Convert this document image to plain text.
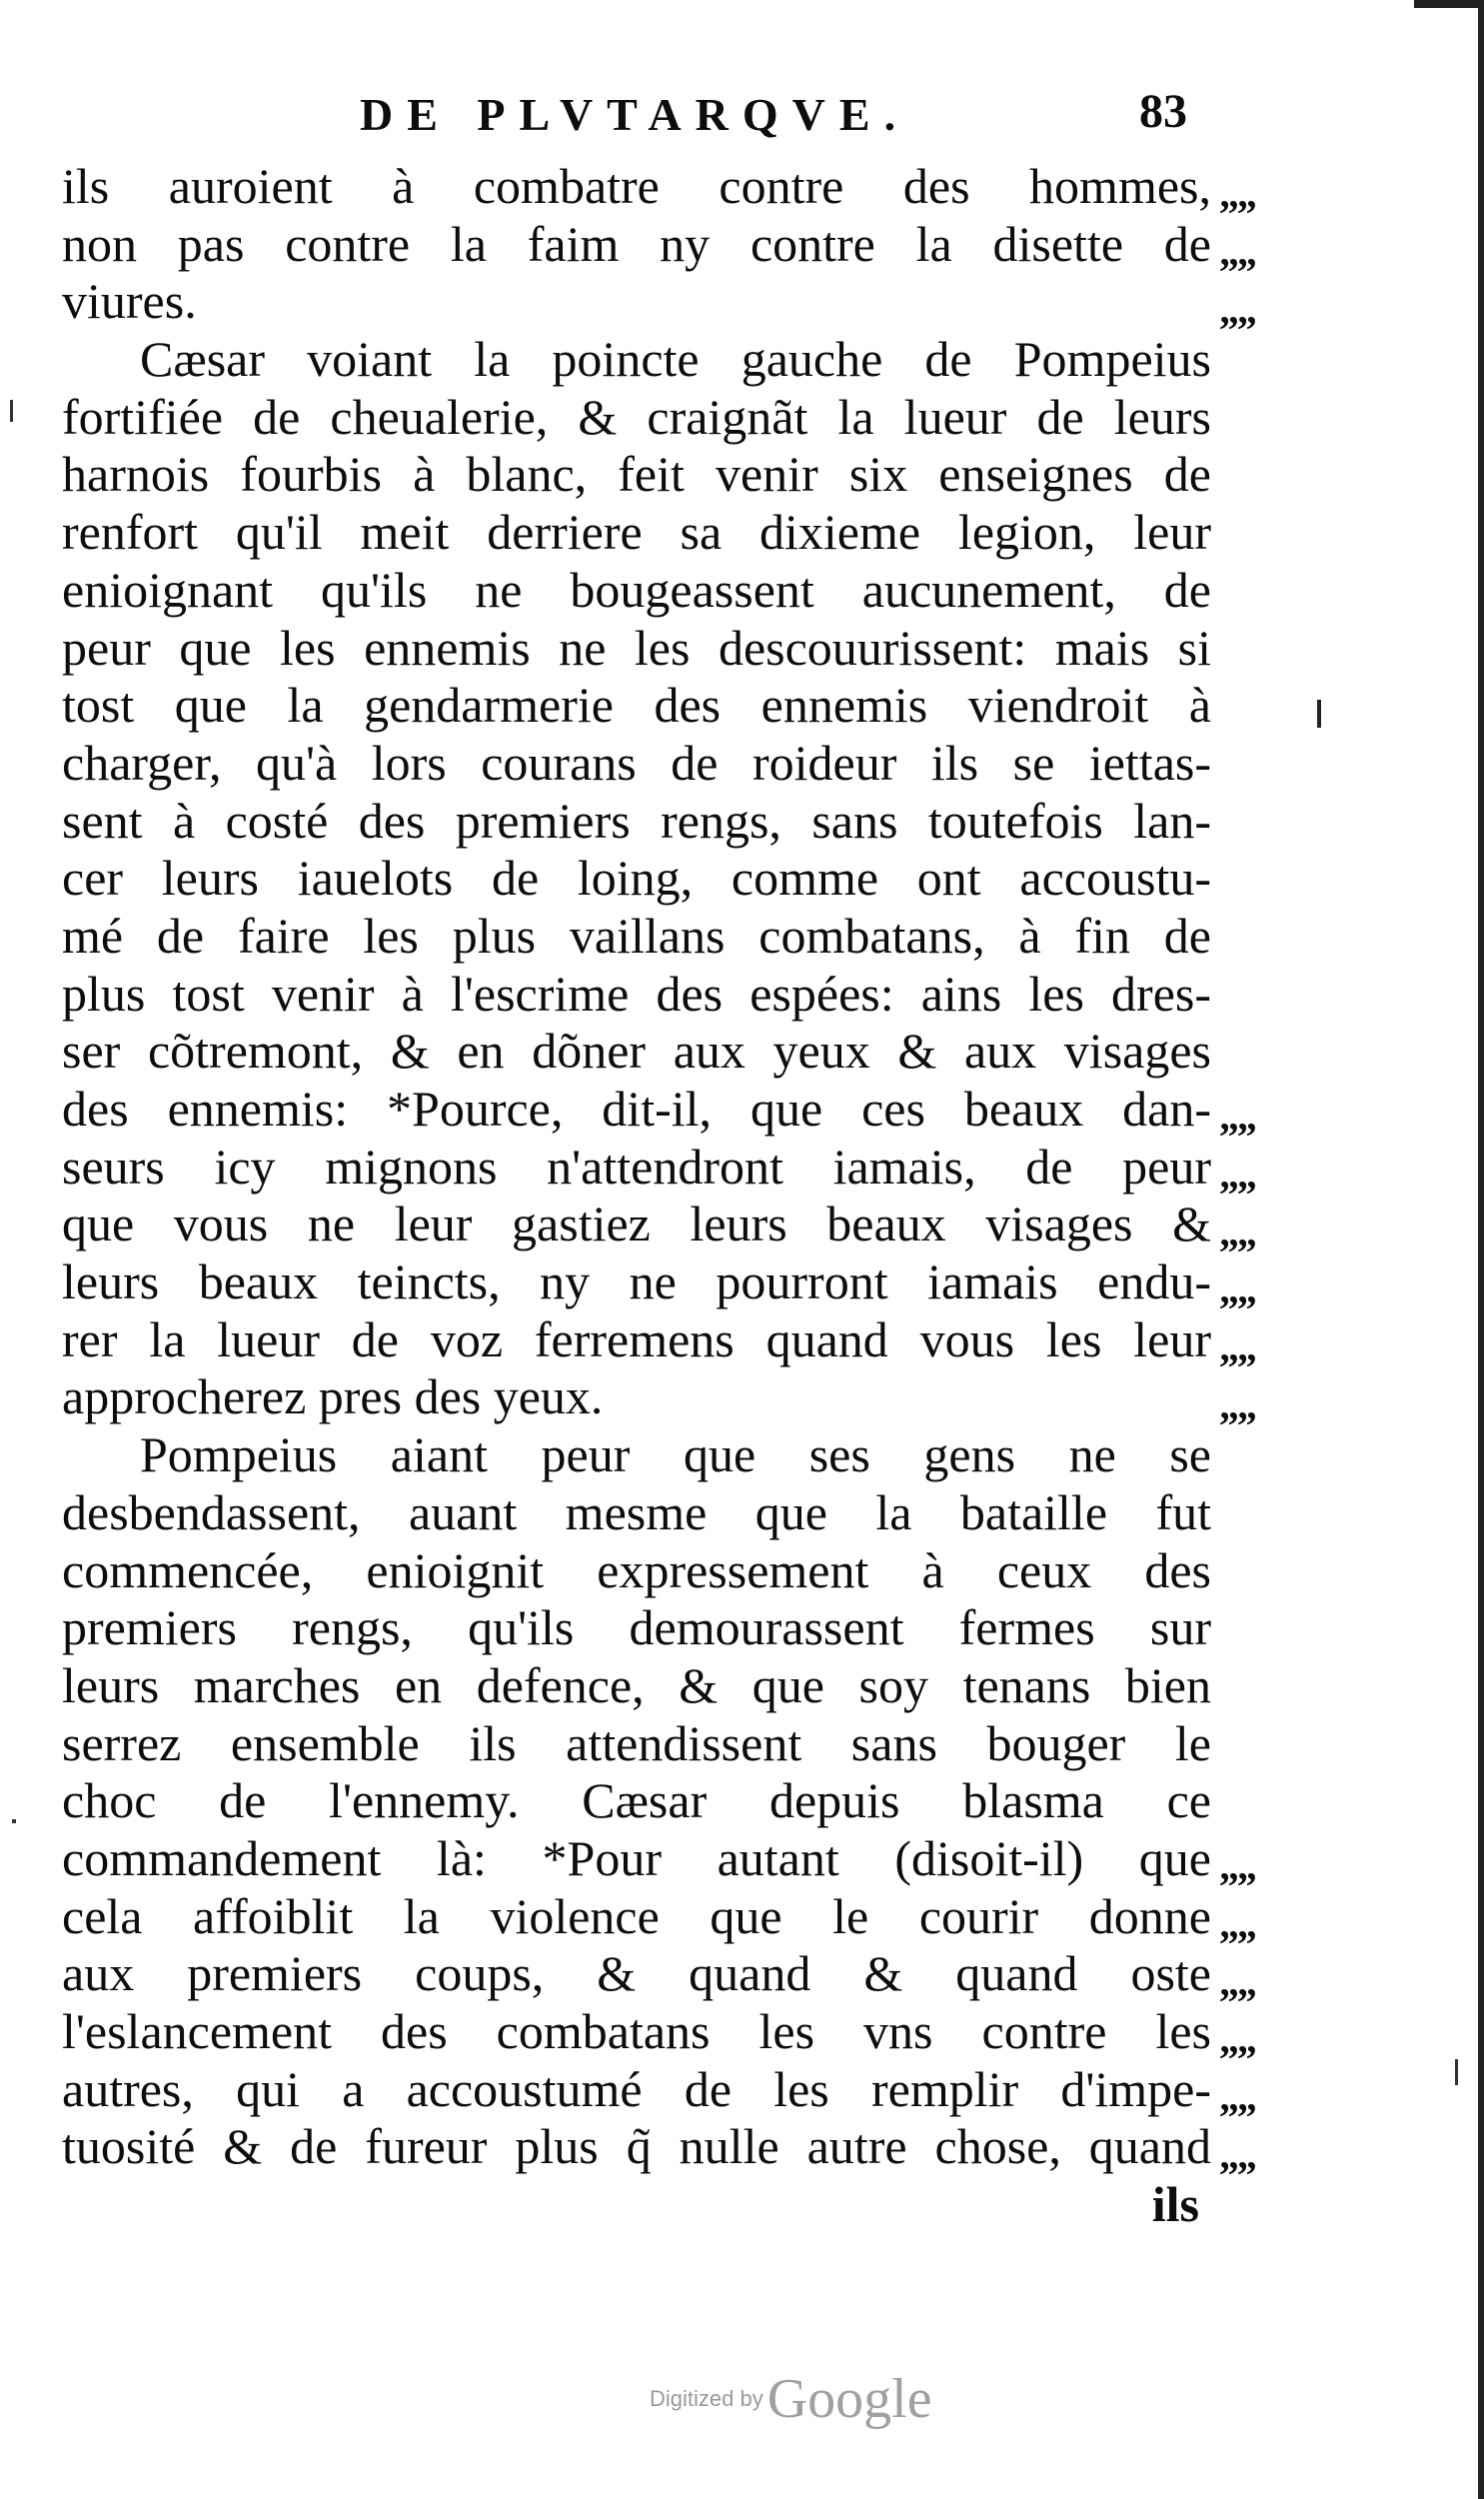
DE PLVTARQVE.	83
ils auroient à combatre contre des hommes,
non pas contre la faim ny contre la disette de
viures.
Cæsar voiant la poincte gauche de Pompeius
fortifiée de cheualerie, & craignãt la lueur de leurs
harnois fourbis à blanc, feit venir six enseignes de
renfort qu'il meit derriere sa dixieme legion, leur
enioignant qu'ils ne bougeassent aucunement, de
peur que les ennemis ne les descouurissent: mais si
tost que la gendarmerie des ennemis viendroit à
charger, qu'à lors courans de roideur ils se iettas-
sent à costé des premiers rengs, sans toutefois lan-
cer leurs iauelots de loing, comme ont accoustu-
mé de faire les plus vaillans combatans, à fin de
plus tost venir à l'escrime des espées: ains les dres-
ser cõtremont, & en dõner aux yeux & aux visages
des ennemis: *Pource, dit-il, que ces beaux dan-
seurs icy mignons n'attendront iamais, de peur
que vous ne leur gastiez leurs beaux visages &
leurs beaux teincts, ny ne pourront iamais endu-
rer la lueur de voz ferremens quand vous les leur
approcherez pres des yeux.
Pompeius aiant peur que ses gens ne se
desbendassent, auant mesme que la bataille fut
commencée, enioignit expressement à ceux des
premiers rengs, qu'ils demourassent fermes sur
leurs marches en defence, & que soy tenans bien
serrez ensemble ils attendissent sans bouger le
choc de l'ennemy. Cæsar depuis blasma ce
commandement là: *Pour autant (disoit-il) que
cela affoiblit la violence que le courir donne
aux premiers coups, & quand & quand oste
l'eslancement des combatans les vns contre les
autres, qui a accoustumé de les remplir d'impe-
tuosité & de fureur plus q̃ nulle autre chose, quand
ils
„„
„„
„„
„„
„„
„„
„„
„„
„„
„„
„„
„„
„„
„„
„„
Digitized by Google
